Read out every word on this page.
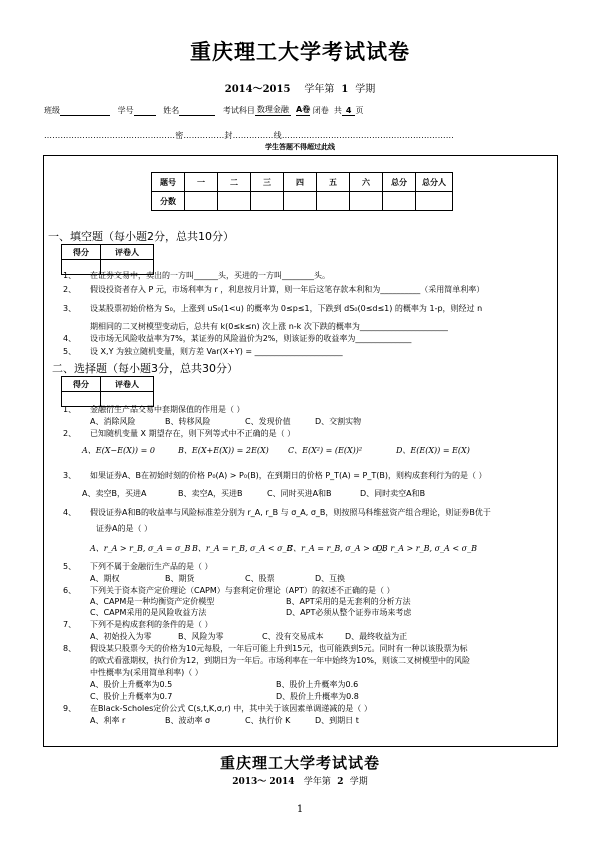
重庆理工大学考试试卷
2014～2015 学年第 1 学期
班级	学号	姓名	考试科目 数理金融 A卷 闭卷 共 4 页
…………………………………………密……………封……………线………………………………………………………
学生答题不得超过此线
题号	一	二	三	四	五	六	总分	总分人
分数								
一、填空题（每小题2分，总共10分）
得分	评卷人

1、 在证券交易中，卖出的一方叫______头，买进的一方叫________头。
2、 假设投资者存入 P 元，市场利率为 r ，利息按月计算，则一年后这笔存款本利和为__________（采用简单利率）
3、 设某股票初始价格为 S₀，上涨到 uS₀(1<u) 的概率为 0≤p≤1，下跌到 dS₀(0≤d≤1) 的概率为 1-p，则经过 n
期相同的二叉树模型变动后，总共有 k(0≤k≤n) 次上涨 n-k 次下跌的概率为______________________
4、 设市场无风险收益率为7%，某证券的风险溢价为2%，则该证券的收益率为______________
5、 设 X,Y 为独立随机变量，则方差 Var(X+Y) = ______________________
二、选择题（每小题3分，总共30分）
得分	评卷人

1、 金融衍生产品交易中套期保值的作用是（ ）
A、消除风险	B、转移风险	C、发现价值	D、交割实物
2、 已知随机变量 X 期望存在，则下列等式中不正确的是（ ）
A、E(X−E(X)) = 0	B、E(X+E(X)) = 2E(X) C、E(X²) = (E(X))²	D、E(E(X)) = E(X)
3、 如果证券A、B在初始时刻的价格 P₀(A) > P₀(B)，在到期日的价格 P_T(A) = P_T(B)，则构成套利行为的是（ ）
A、卖空B，买进A	B、卖空A，买进B	C、同时买进A和B	D、同时卖空A和B
4、 假设证券A和B的收益率与风险标准差分别为 r_A, r_B 与 σ_A, σ_B，则按照马科维兹资产组合理论，则证券B优于
证券A的是（ ）
A、r_A > r_B, σ_A = σ_B B、r_A = r_B, σ_A < σ_B
C、r_A = r_B, σ_A > σ_B
D、r_A > r_B, σ_A < σ_B
5、 下列不属于金融衍生产品的是（ ）
A、期权	B、期货	C、股票	D、互换
6、 下列关于资本资产定价理论（CAPM）与套利定价理论（APT）的叙述不正确的是（ ）
A、CAPM是一种均衡资产定价模型	B、APT采用的是无套利的分析方法
C、CAPM采用的是风险收益方法	D、APT必须从整个证券市场来考虑
7、 下列不是构成套利的条件的是（ ）
A、初始投入为零	B、风险为零	C、没有交易成本	D、最终收益为正
8、 假设某只股票今天的价格为10元每股，一年后可能上升到15元，也可能跌到5元。同时有一种以该股票为标
的欧式看涨期权，执行价为12，到期日为一年后。市场利率在一年中始终为10%，则该二叉树模型中的风险
中性概率为(采用简单利率)（ ）
A、股价上升概率为0.5	B、股价上升概率为0.6
C、股价上升概率为0.7	D、股价上升概率为0.8
9、 在Black-Scholes定价公式 C(s,t,K,σ,r) 中，其中关于该因素单调递减的是（ ）
A、利率 r	B、波动率 σ	C、执行价 K	D、到期日 t
重庆理工大学考试试卷
2013～ 2014 学年第 2 学期
1
